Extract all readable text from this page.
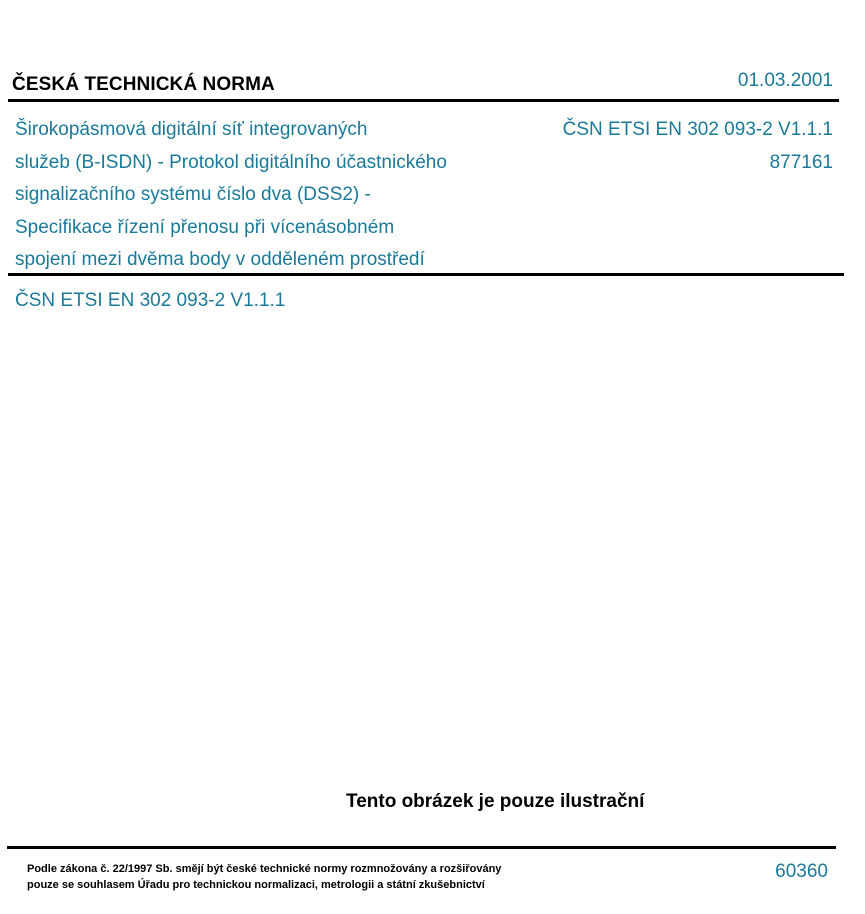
ČESKÁ TECHNICKÁ NORMA	01.03.2001
Širokopásmová digitální síť integrovaných
služeb (B-ISDN) - Protokol digitálního účastnického
signalizačního systému číslo dva (DSS2) -
Specifikace řízení přenosu při vícenásobném
spojení mezi dvěma body v odděleném prostředí
ČSN ETSI EN 302 093-2 V1.1.1
877161
ČSN ETSI EN 302 093-2 V1.1.1
Tento obrázek je pouze ilustrační
Podle zákona č. 22/1997 Sb. smějí být české technické normy rozmnožovány a rozšiřovány
pouze se souhlasem Úřadu pro technickou normalizaci, metrologii a státní zkušebnictví
60360
